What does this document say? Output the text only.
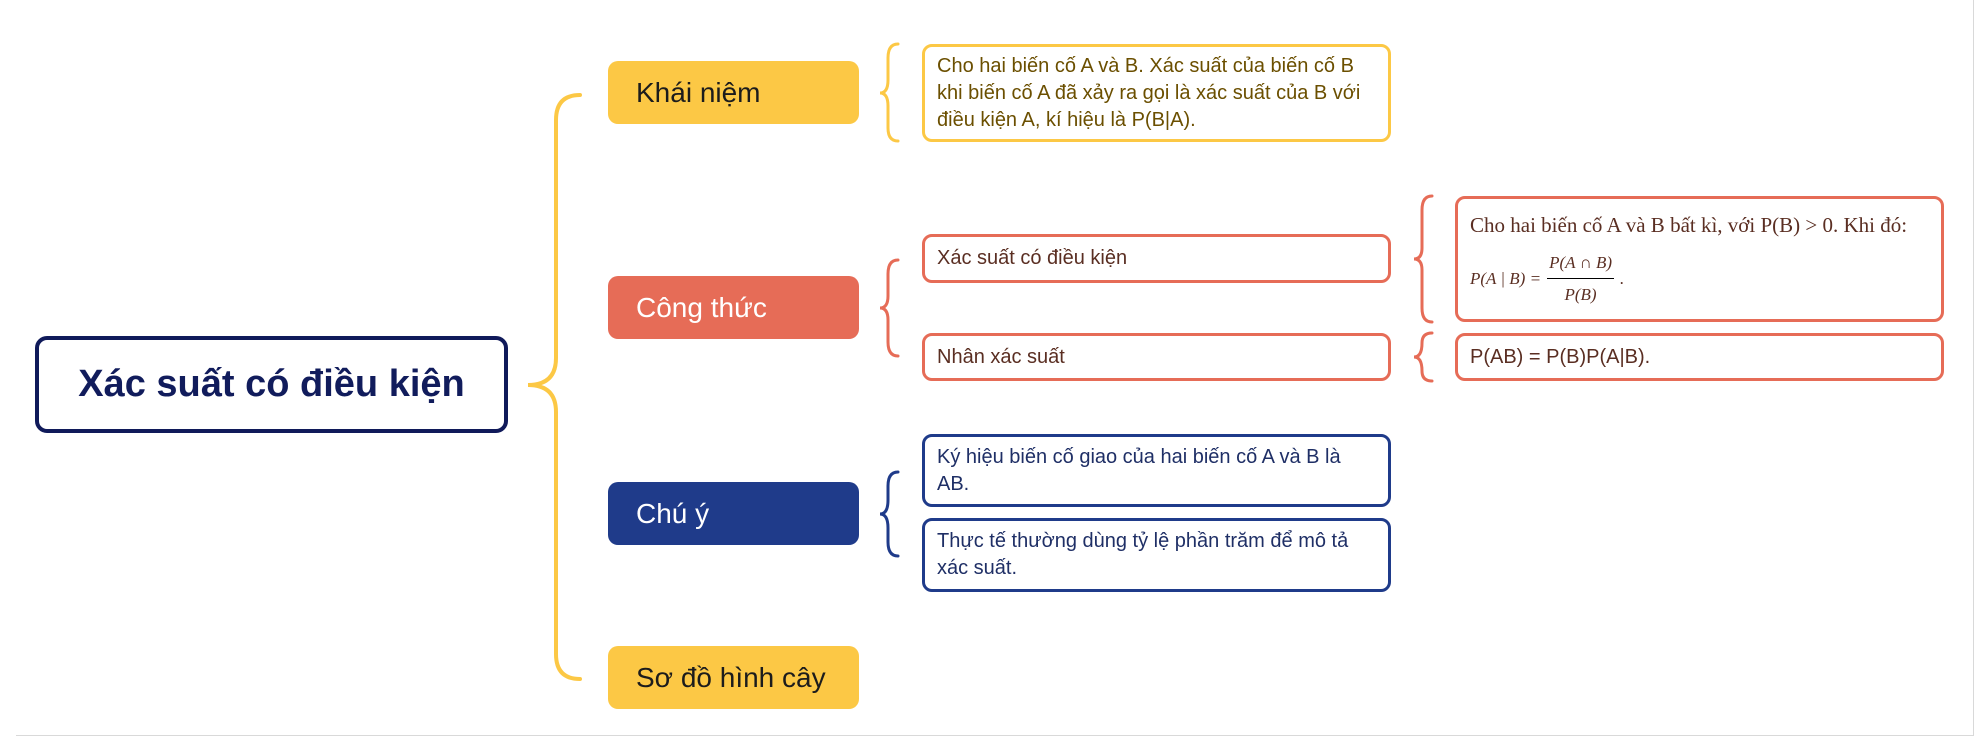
Xác suất có điều kiện
Khái niệm
Công thức
Chú ý
Sơ đồ hình cây
Cho hai biến cố A và B. Xác suất của biến cố B khi biến cố A đã xảy ra gọi là xác suất của B với điều kiện A, kí hiệu là P(B|A).
Xác suất có điều kiện
Nhân xác suất
Cho hai biến cố A và B bất kì, với P(B) > 0. Khi đó:
P(A | $B) = \frac{P(A \cap B)}{P(B)}$ .
P(AB) = P(B)P(A|B).
Ký hiệu biến cố giao của hai biến cố A và B là AB.
Thực tế thường dùng tỷ lệ phần trăm để mô tả xác suất.
